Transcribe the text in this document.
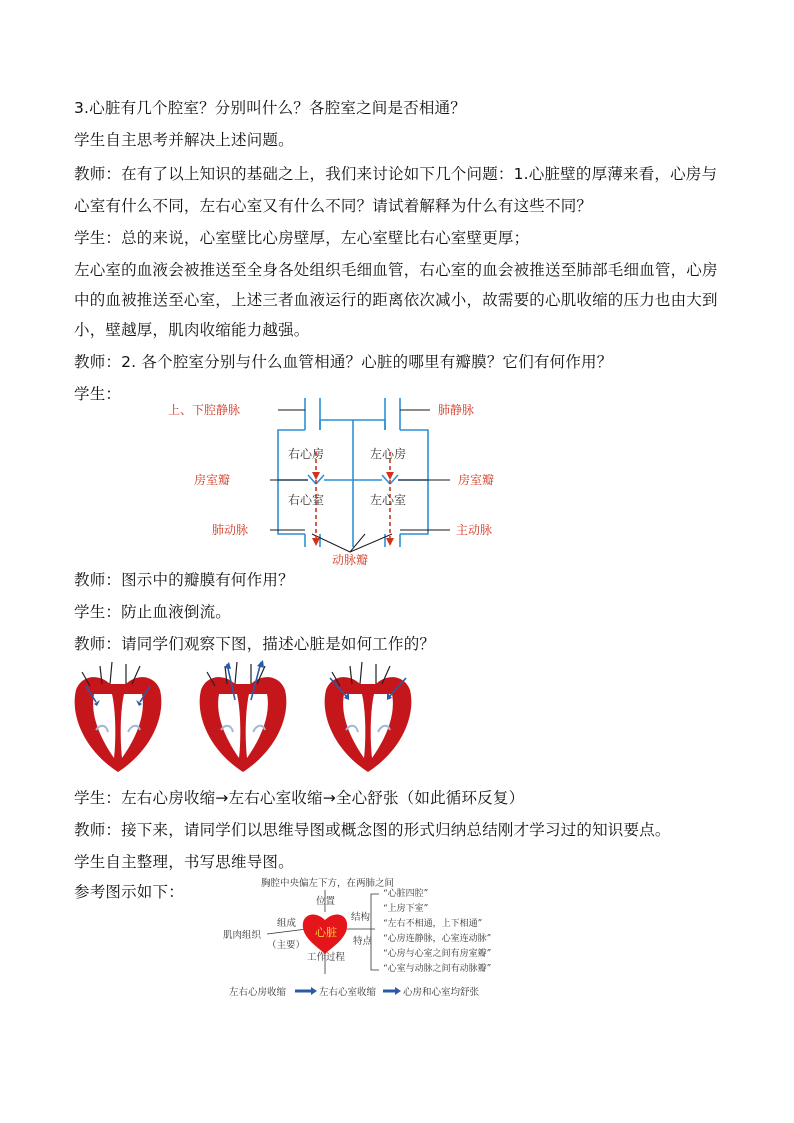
3.心脏有几个腔室？分别叫什么？各腔室之间是否相通？
学生自主思考并解决上述问题。
教师：在有了以上知识的基础之上，我们来讨论如下几个问题：1.心脏壁的厚薄来看，心房与
心室有什么不同，左右心室又有什么不同？请试着解释为什么有这些不同？
学生：总的来说，心室壁比心房壁厚，左心室壁比右心室壁更厚；
左心室的血液会被推送至全身各处组织毛细血管，右心室的血会被推送至肺部毛细血管，心房
中的血被推送至心室，上述三者血液运行的距离依次减小，故需要的心肌收缩的压力也由大到
小，壁越厚，肌肉收缩能力越强。
教师：2. 各个腔室分别与什么血管相通？心脏的哪里有瓣膜？它们有何作用？
学生：
上、下腔静脉	肺静脉
右心房	左心房
右心室	左心室
房室瓣	房室瓣
肺动脉	主动脉
动脉瓣
教师：图示中的瓣膜有何作用？
学生：防止血液倒流。
教师：请同学们观察下图，描述心脏是如何工作的？
学生：左右心房收缩→左右心室收缩→全心舒张（如此循环反复）
教师：接下来，请同学们以思维导图或概念图的形式归纳总结刚才学习过的知识要点。
学生自主整理，书写思维导图。
参考图示如下：	胸腔中央偏左下方，在两肺之间
位置
肌肉组织
组成
（主要）
心脏
结构
特点
工作过程
“心脏四腔”
“上房下室”
“左右不相通，上下相通”
“心房连静脉，心室连动脉”
“心房与心室之间有房室瓣”
“心室与动脉之间有动脉瓣”
左右心房收缩	左右心室收缩	心房和心室均舒张
